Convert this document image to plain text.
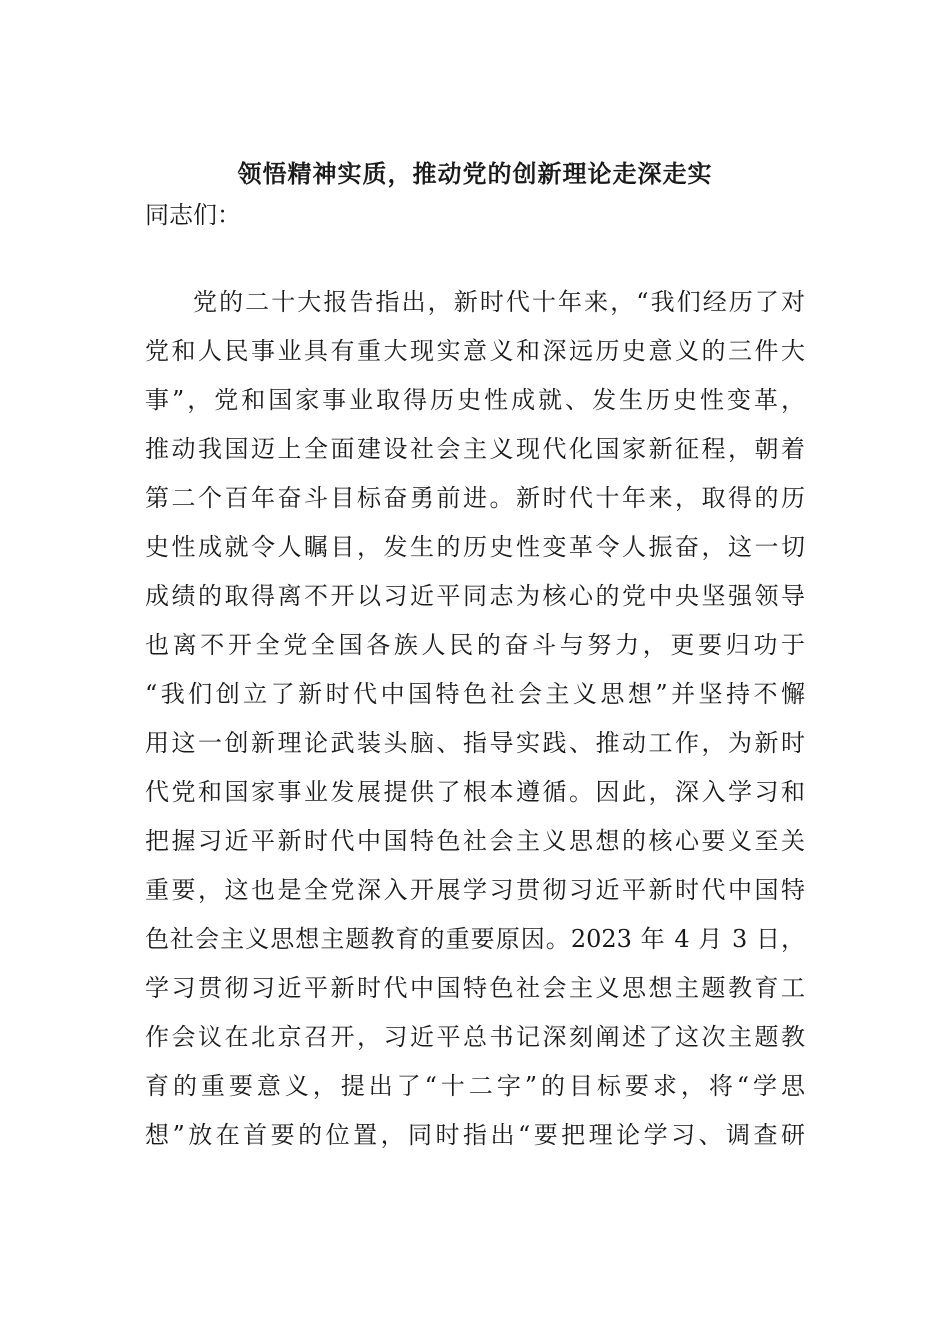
领悟精神实质，推动党的创新理论走深走实
同志们：
党的二十大报告指出，新时代十年来，“我们经历了对
党和人民事业具有重大现实意义和深远历史意义的三件大
事”，党和国家事业取得历史性成就、发生历史性变革，
推动我国迈上全面建设社会主义现代化国家新征程，朝着
第二个百年奋斗目标奋勇前进。新时代十年来，取得的历
史性成就令人瞩目，发生的历史性变革令人振奋，这一切
成绩的取得离不开以习近平同志为核心的党中央坚强领导
也离不开全党全国各族人民的奋斗与努力，更要归功于
“我们创立了新时代中国特色社会主义思想”并坚持不懈
用这一创新理论武装头脑、指导实践、推动工作，为新时
代党和国家事业发展提供了根本遵循。因此，深入学习和
把握习近平新时代中国特色社会主义思想的核心要义至关
重要，这也是全党深入开展学习贯彻习近平新时代中国特
色社会主义思想主题教育的重要原因。2023 年 4 月 3 日，
学习贯彻习近平新时代中国特色社会主义思想主题教育工
作会议在北京召开，习近平总书记深刻阐述了这次主题教
育的重要意义，提出了“十二字”的目标要求，将“学思
想”放在首要的位置，同时指出“要把理论学习、调查研
